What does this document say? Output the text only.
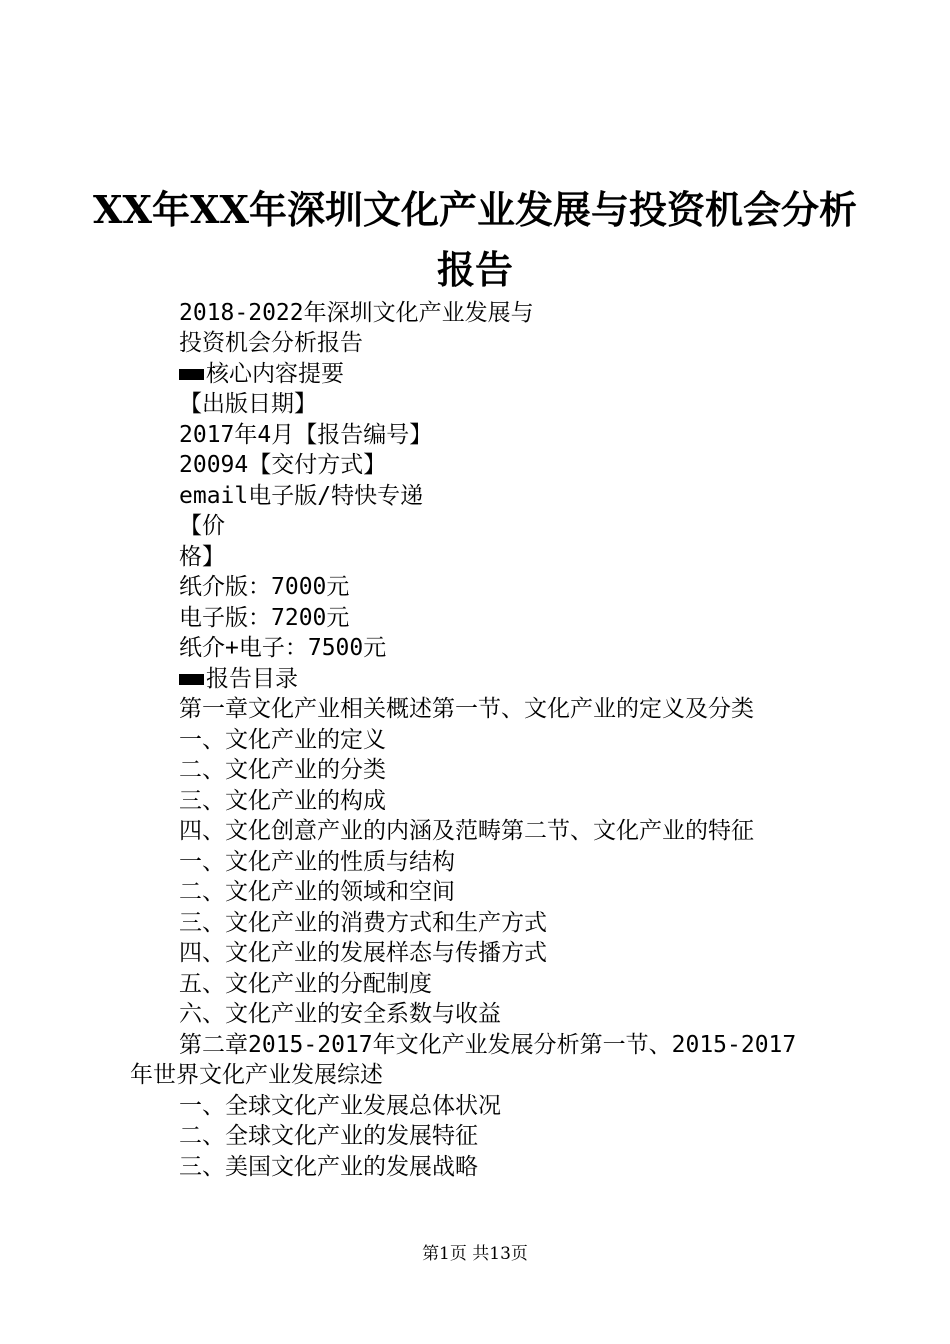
XX年XX年深圳文化产业发展与投资机会分析
报告
2018-2022年深圳文化产业发展与
投资机会分析报告
核心内容提要
【出版日期】
2017年4月【报告编号】
20094【交付方式】
email电子版/特快专递
【价
格】
纸介版：7000元
电子版：7200元
纸介+电子：7500元
报告目录
第一章文化产业相关概述第一节、文化产业的定义及分类
一、文化产业的定义
二、文化产业的分类
三、文化产业的构成
四、文化创意产业的内涵及范畴第二节、文化产业的特征
一、文化产业的性质与结构
二、文化产业的领域和空间
三、文化产业的消费方式和生产方式
四、文化产业的发展样态与传播方式
五、文化产业的分配制度
六、文化产业的安全系数与收益
第二章2015-2017年文化产业发展分析第一节、2015-2017
年世界文化产业发展综述
一、全球文化产业发展总体状况
二、全球文化产业的发展特征
三、美国文化产业的发展战略
第1页 共13页
